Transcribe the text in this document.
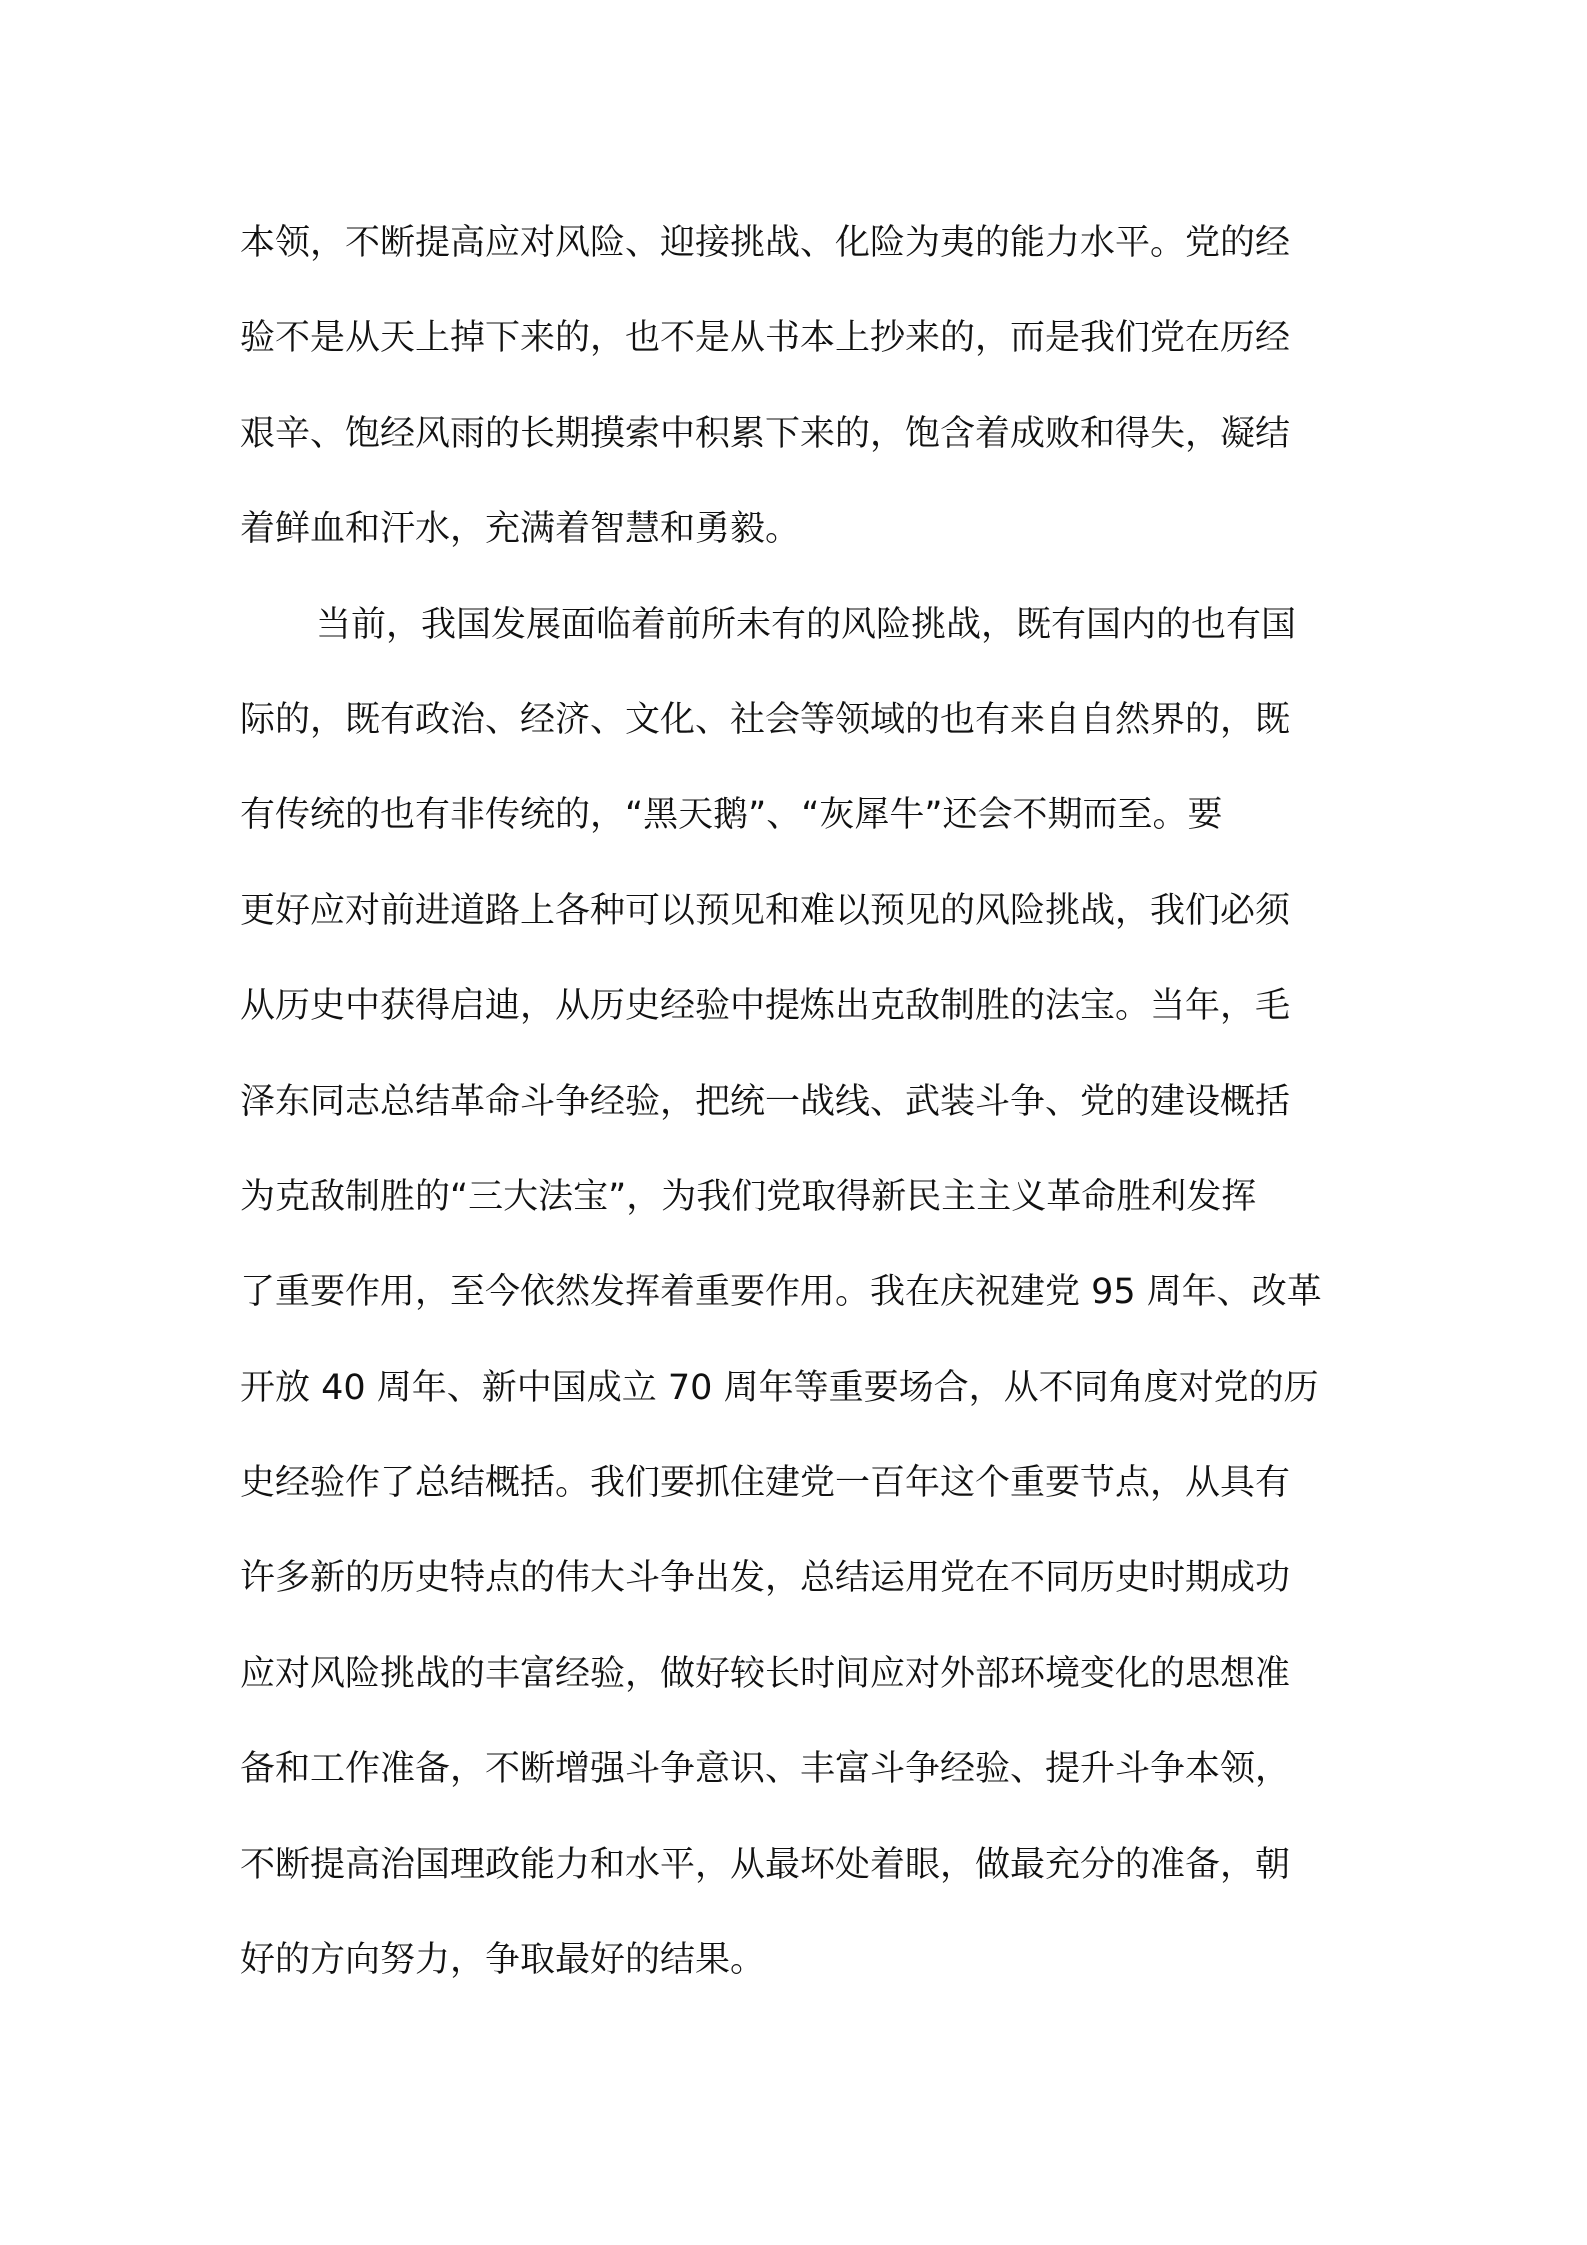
本领，不断提高应对风险、迎接挑战、化险为夷的能力水平。党的经
验不是从天上掉下来的，也不是从书本上抄来的，而是我们党在历经
艰辛、饱经风雨的长期摸索中积累下来的，饱含着成败和得失，凝结
着鲜血和汗水，充满着智慧和勇毅。
当前，我国发展面临着前所未有的风险挑战，既有国内的也有国
际的，既有政治、经济、文化、社会等领域的也有来自自然界的，既
有传统的也有非传统的，“黑天鹅”、“灰犀牛”还会不期而至。要
更好应对前进道路上各种可以预见和难以预见的风险挑战，我们必须
从历史中获得启迪，从历史经验中提炼出克敌制胜的法宝。当年，毛
泽东同志总结革命斗争经验，把统一战线、武装斗争、党的建设概括
为克敌制胜的“三大法宝”，为我们党取得新民主主义革命胜利发挥
了重要作用，至今依然发挥着重要作用。我在庆祝建党 95 周年、改革
开放 40 周年、新中国成立 70 周年等重要场合，从不同角度对党的历
史经验作了总结概括。我们要抓住建党一百年这个重要节点，从具有
许多新的历史特点的伟大斗争出发，总结运用党在不同历史时期成功
应对风险挑战的丰富经验，做好较长时间应对外部环境变化的思想准
备和工作准备，不断增强斗争意识、丰富斗争经验、提升斗争本领，
不断提高治国理政能力和水平，从最坏处着眼，做最充分的准备，朝
好的方向努力，争取最好的结果。
